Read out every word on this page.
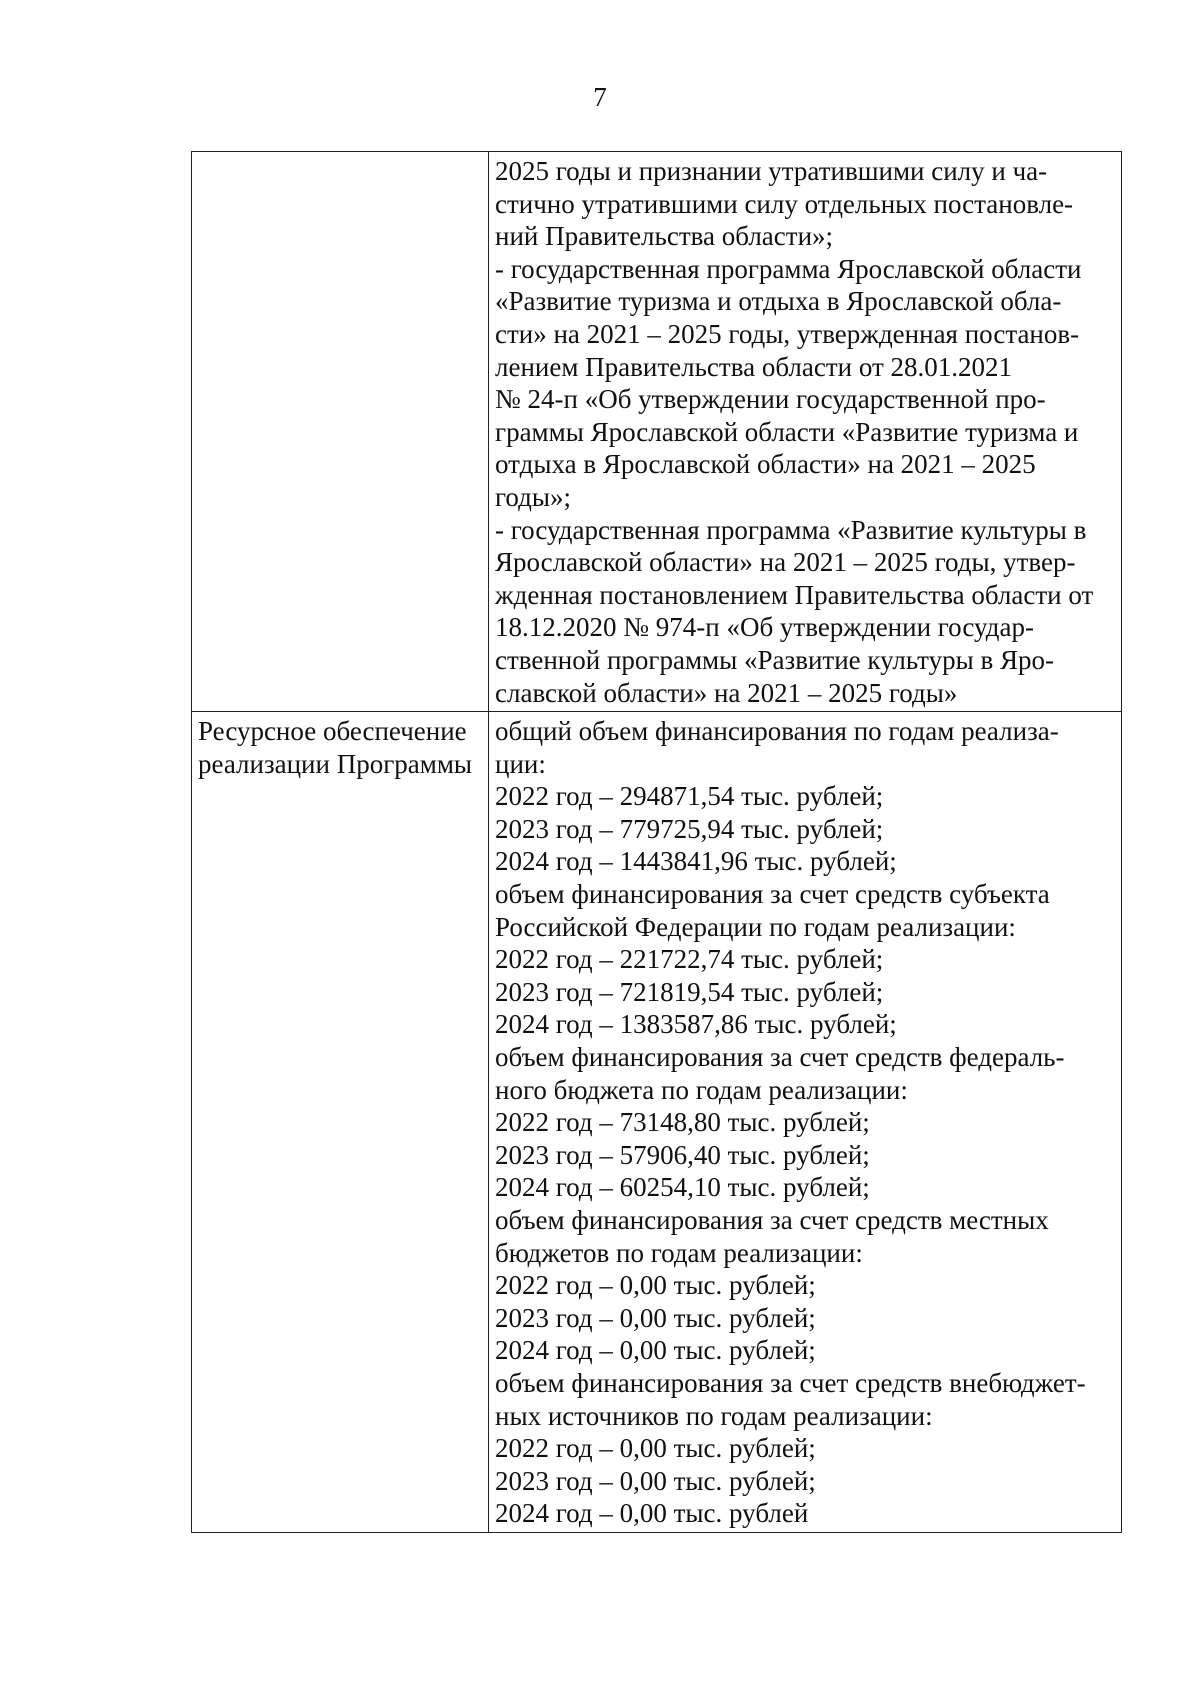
7
2025 годы и признании утратившими силу и ча-
стично утратившими силу отдельных постановле-
ний Правительства области»;
- государственная программа Ярославской области
«Развитие туризма и отдыха в Ярославской обла-
сти» на 2021 – 2025 годы, утвержденная постанов-
лением Правительства области от 28.01.2021
№ 24-п «Об утверждении государственной про-
граммы Ярославской области «Развитие туризма и
отдыха в Ярославской области» на 2021 – 2025
годы»;
- государственная программа «Развитие культуры в
Ярославской области» на 2021 – 2025 годы, утвер-
жденная постановлением Правительства области от
18.12.2020 № 974-п «Об утверждении государ-
ственной программы «Развитие культуры в Яро-
славской области» на 2021 – 2025 годы»
Ресурсное обеспечение
реализации Программы
общий объем финансирования по годам реализа-
ции:
2022 год – 294871,54 тыс. рублей;
2023 год – 779725,94 тыс. рублей;
2024 год – 1443841,96 тыс. рублей;
объем финансирования за счет средств субъекта
Российской Федерации по годам реализации:
2022 год – 221722,74 тыс. рублей;
2023 год – 721819,54 тыс. рублей;
2024 год – 1383587,86 тыс. рублей;
объем финансирования за счет средств федераль-
ного бюджета по годам реализации:
2022 год – 73148,80 тыс. рублей;
2023 год – 57906,40 тыс. рублей;
2024 год – 60254,10 тыс. рублей;
объем финансирования за счет средств местных
бюджетов по годам реализации:
2022 год – 0,00 тыс. рублей;
2023 год – 0,00 тыс. рублей;
2024 год – 0,00 тыс. рублей;
объем финансирования за счет средств внебюджет-
ных источников по годам реализации:
2022 год – 0,00 тыс. рублей;
2023 год – 0,00 тыс. рублей;
2024 год – 0,00 тыс. рублей
